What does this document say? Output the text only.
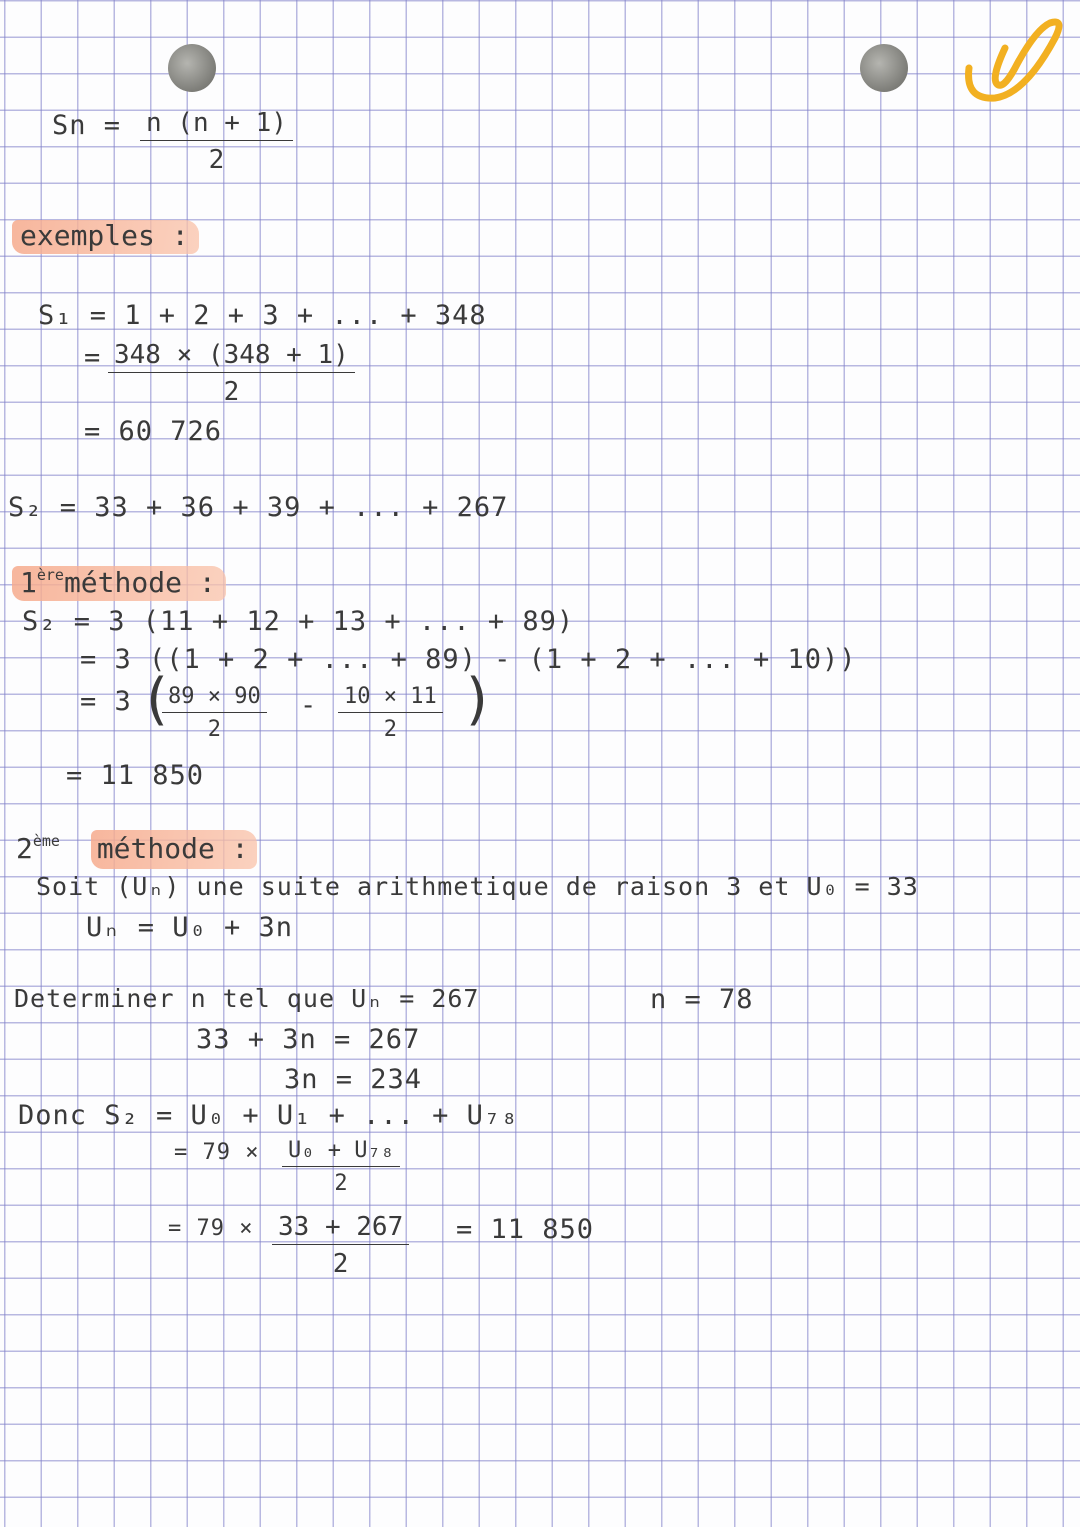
$Sn = \frac{n (n + 1)}{2}$
exemples :
S₁ = 1 + 2 + 3 + ... + 348
= $\frac{348 \times (348 + 1)}{2}$
= 60 726
S₂ = 33 + 36 + 39 + ... + 267
1èreméthode :
S₂ = 3 (11 + 12 + 13 + ... + 89)
= 3 ((1 + 2 + ... + 89) - (1 + 2 + ... + 10))
= 3 (
$\frac{89 \times 90}{2} - \frac{10 \times 11}{2}$ )
= 11 850
2ème méthode :
Soit (Uₙ) une suite arithmetique de raison 3 et U₀ = 33
Uₙ = U₀ + 3n
Determiner n tel que Uₙ = 267	n = 78
33 + 3n = 267
3n = 234
Donc S₂ = U₀ + U₁ + ... + U₇₈
= $79 \times \frac{\text{U₀ + U₇₈}}{2}$
= $79 \times \frac{33 + 267}{2} = 11$ 850
